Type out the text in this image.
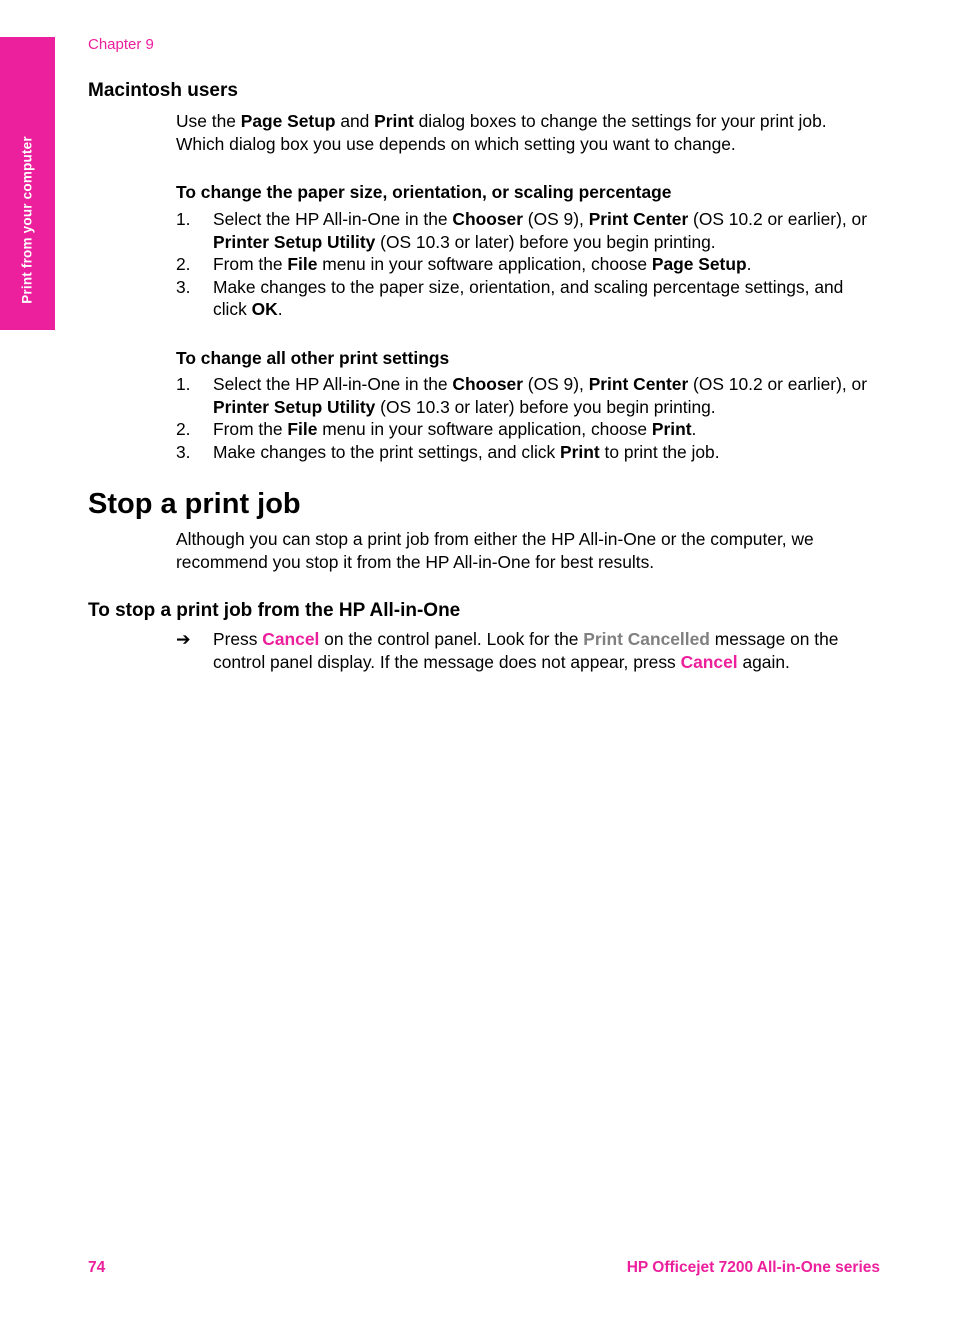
Print from your computer
Chapter 9
Macintosh users
Use the Page Setup and Print dialog boxes to change the settings for your print job. Which dialog box you use depends on which setting you want to change.
To change the paper size, orientation, or scaling percentage
1. Select the HP All-in-One in the Chooser (OS 9), Print Center (OS 10.2 or earlier), or Printer Setup Utility (OS 10.3 or later) before you begin printing.
2. From the File menu in your software application, choose Page Setup.
3. Make changes to the paper size, orientation, and scaling percentage settings, and click OK.
To change all other print settings
1. Select the HP All-in-One in the Chooser (OS 9), Print Center (OS 10.2 or earlier), or Printer Setup Utility (OS 10.3 or later) before you begin printing.
2. From the File menu in your software application, choose Print.
3. Make changes to the print settings, and click Print to print the job.
Stop a print job
Although you can stop a print job from either the HP All-in-One or the computer, we recommend you stop it from the HP All-in-One for best results.
To stop a print job from the HP All-in-One
➔ Press Cancel on the control panel. Look for the Print Cancelled message on the control panel display. If the message does not appear, press Cancel again.
74	HP Officejet 7200 All-in-One series
